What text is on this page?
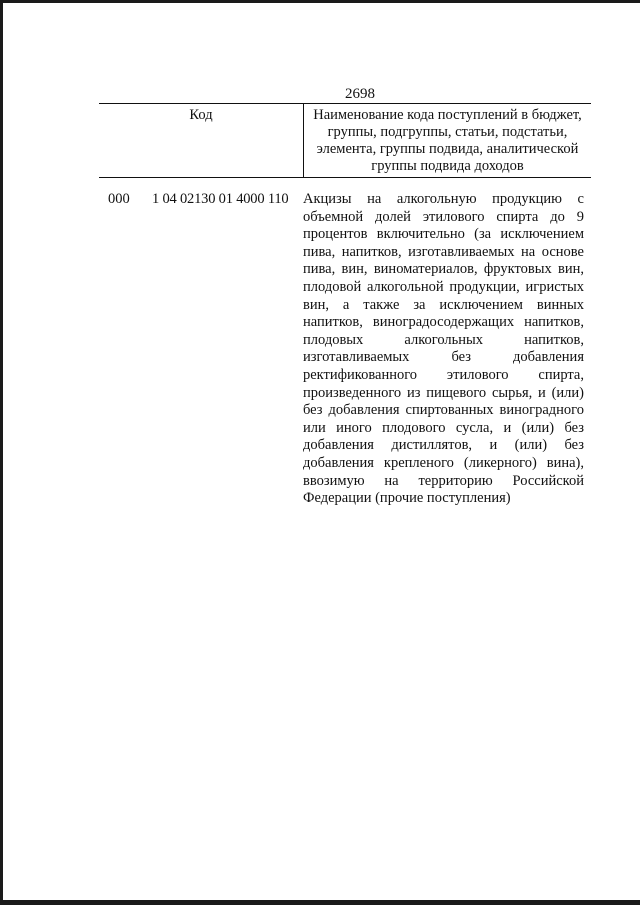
2698
Код	Наименование кода поступлений в бюджет, группы, подгруппы, статьи, подстатьи, элемента, группы подвида, аналитической группы подвида доходов
000 1 04 02130 01 4000 110 Акцизы на алкогольную продукцию с
объемной долей этилового спирта до 9
процентов включительно (за исключением
пива, напитков, изготавливаемых на основе
пива, вин, виноматериалов, фруктовых вин,
плодовой алкогольной продукции, игристых
вин, а также за исключением винных
напитков, виноградосодержащих напитков,
плодовых алкогольных напитков,
изготавливаемых без добавления
ректификованного этилового спирта,
произведенного из пищевого сырья, и (или)
без добавления спиртованных виноградного
или иного плодового сусла, и (или) без
добавления дистиллятов, и (или) без
добавления крепленого (ликерного) вина),
ввозимую на территорию Российской
Федерации (прочие поступления)
